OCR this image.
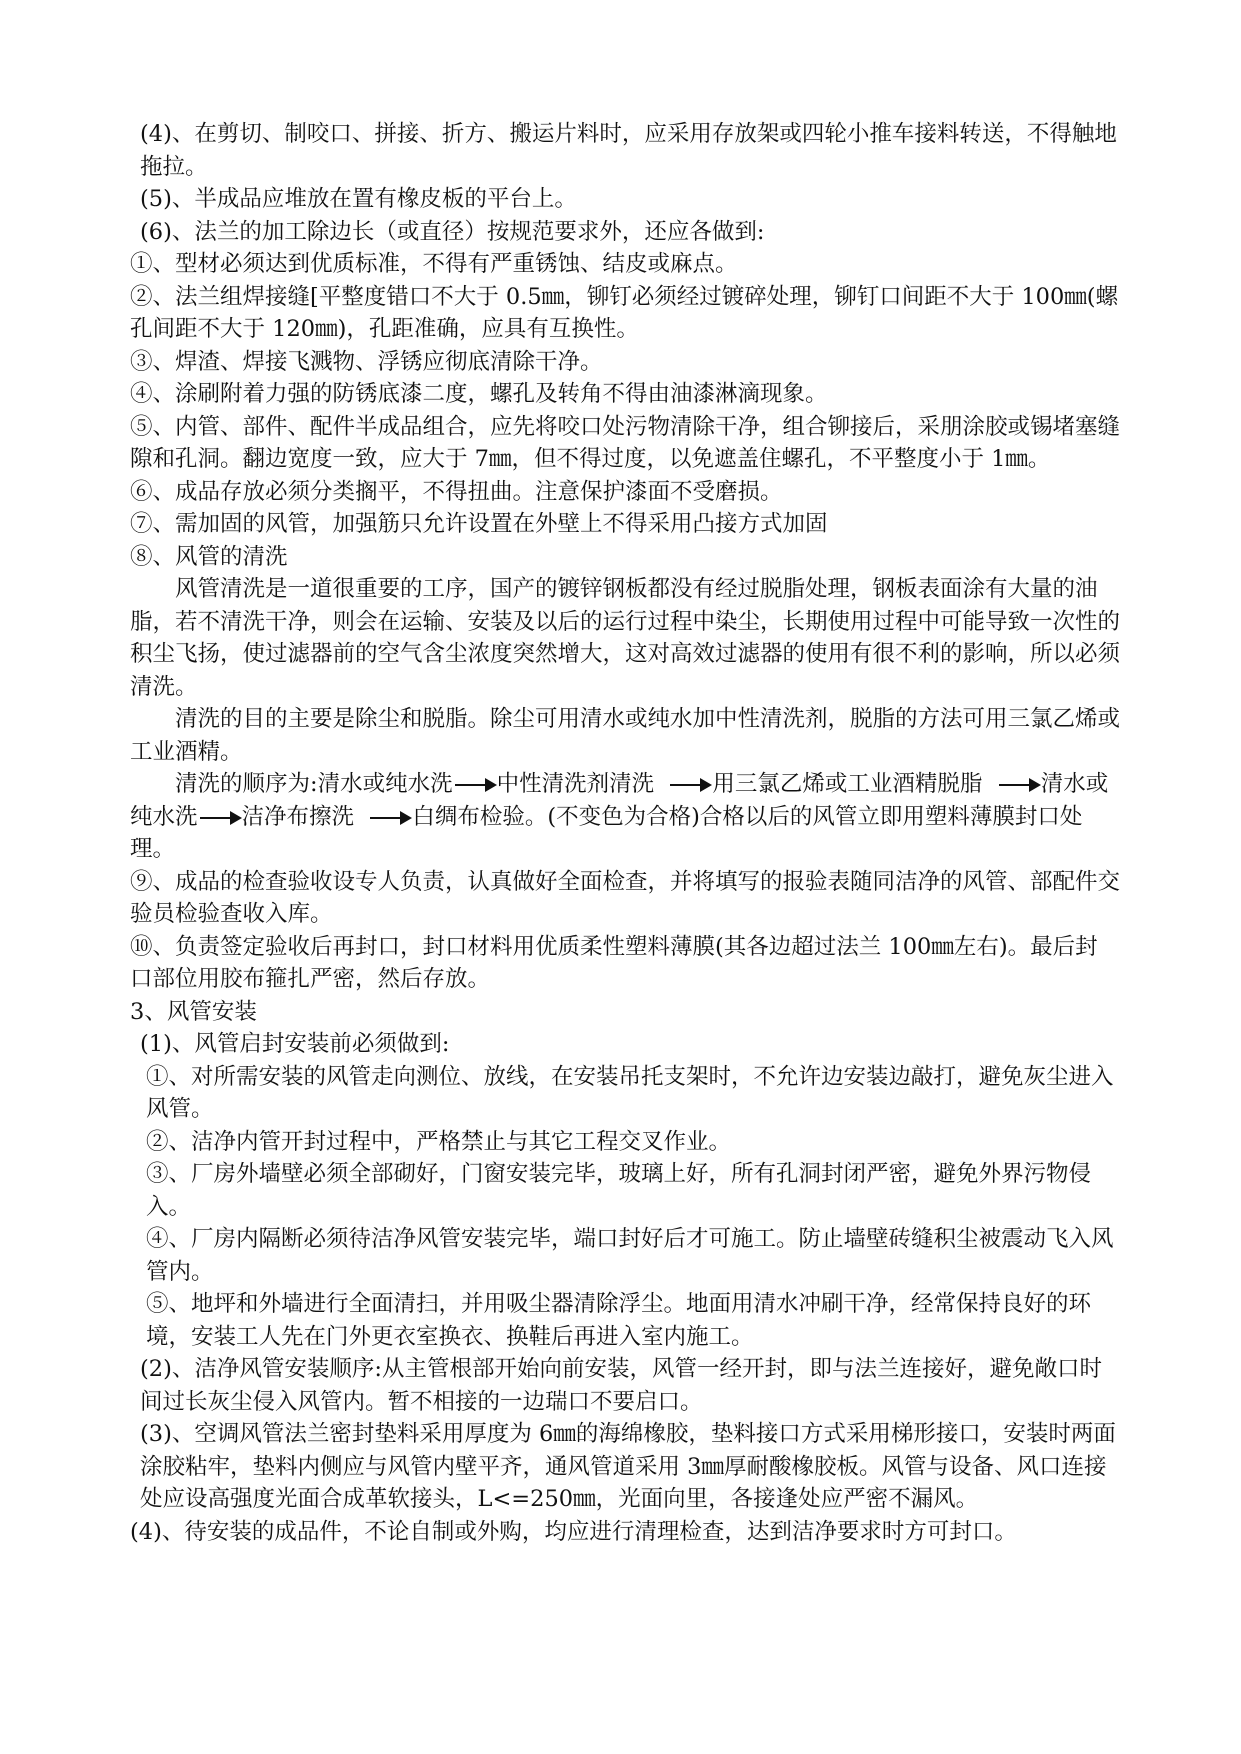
(4)、在剪切、制咬口、拼接、折方、搬运片料时，应采用存放架或四轮小推车接料转送，不得触地拖拉。

(5)、半成品应堆放在置有橡皮板的平台上。

(6)、法兰的加工除边长（或直径）按规范要求外，还应各做到:

①、型材必须达到优质标准，不得有严重锈蚀、结皮或麻点。

②、法兰组焊接缝[平整度错口不大于 0.5㎜，铆钉必须经过镀碎处理，铆钉口间距不大于 100㎜(螺孔间距不大于 120㎜)，孔距准确，应具有互换性。

③、焊渣、焊接飞溅物、浮锈应彻底清除干净。

④、涂刷附着力强的防锈底漆二度，螺孔及转角不得由油漆淋滴现象。

⑤、内管、部件、配件半成品组合，应先将咬口处污物清除干净，组合铆接后，采朋涂胶或锡堵塞缝隙和孔洞。翻边宽度一致，应大于 7㎜，但不得过度，以免遮盖住螺孔，不平整度小于 1㎜。

⑥、成品存放必须分类搁平，不得扭曲。注意保护漆面不受磨损。

⑦、需加固的风管，加强筋只允许设置在外壁上不得采用凸接方式加固

⑧、风管的清洗

风管清洗是一道很重要的工序，国产的镀锌钢板都没有经过脱脂处理，钢板表面涂有大量的油脂，若不清洗干净，则会在运输、安装及以后的运行过程中染尘，长期使用过程中可能导致一次性的积尘飞扬，使过滤器前的空气含尘浓度突然增大，这对高效过滤器的使用有很不利的影响，所以必须清洗。

清洗的目的主要是除尘和脱脂。除尘可用清水或纯水加中性清洗剂，脱脂的方法可用三氯乙烯或工业酒精。

清洗的顺序为:清水或纯水洗 中性清洗剂清洗	用三氯乙烯或工业酒精脱脂	清水或纯水洗 洁净布擦洗	白绸布检验。(不变色为合格)合格以后的风管立即用塑料薄膜封口处理。

⑨、成品的检查验收设专人负责，认真做好全面检查，并将填写的报验表随同洁净的风管、部配件交验员检验查收入库。

⑩、负责签定验收后再封口，封口材料用优质柔性塑料薄膜(其各边超过法兰 100㎜左右)。最后封口部位用胶布箍扎严密，然后存放。

3、风管安装

(1)、风管启封安装前必须做到:

①、对所需安装的风管走向测位、放线，在安装吊托支架时，不允许边安装边敲打，避免灰尘进入风管。

②、洁净内管开封过程中，严格禁止与其它工程交叉作业。

③、厂房外墙壁必须全部砌好，门窗安装完毕，玻璃上好，所有孔洞封闭严密，避免外界污物侵入。

④、厂房内隔断必须待洁净风管安装完毕，端口封好后才可施工。防止墙壁砖缝积尘被震动飞入风管内。

⑤、地坪和外墙进行全面清扫，并用吸尘器清除浮尘。地面用清水冲刷干净，经常保持良好的环境，安装工人先在门外更衣室换衣、换鞋后再进入室内施工。

(2)、洁净风管安装顺序:从主管根部开始向前安装，风管一经开封，即与法兰连接好，避免敞口时间过长灰尘侵入风管内。暂不相接的一边瑞口不要启口。

(3)、空调风管法兰密封垫料采用厚度为 6㎜的海绵橡胶，垫料接口方式采用梯形接口，安装时两面涂胶粘牢，垫料内侧应与风管内壁平齐，通风管道采用 3㎜厚耐酸橡胶板。风管与设备、风口连接处应设高强度光面合成革软接头，L<=250㎜，光面向里，各接逢处应严密不漏风。

(4)、待安装的成品件，不论自制或外购，均应进行清理检查，达到洁净要求时方可封口。
